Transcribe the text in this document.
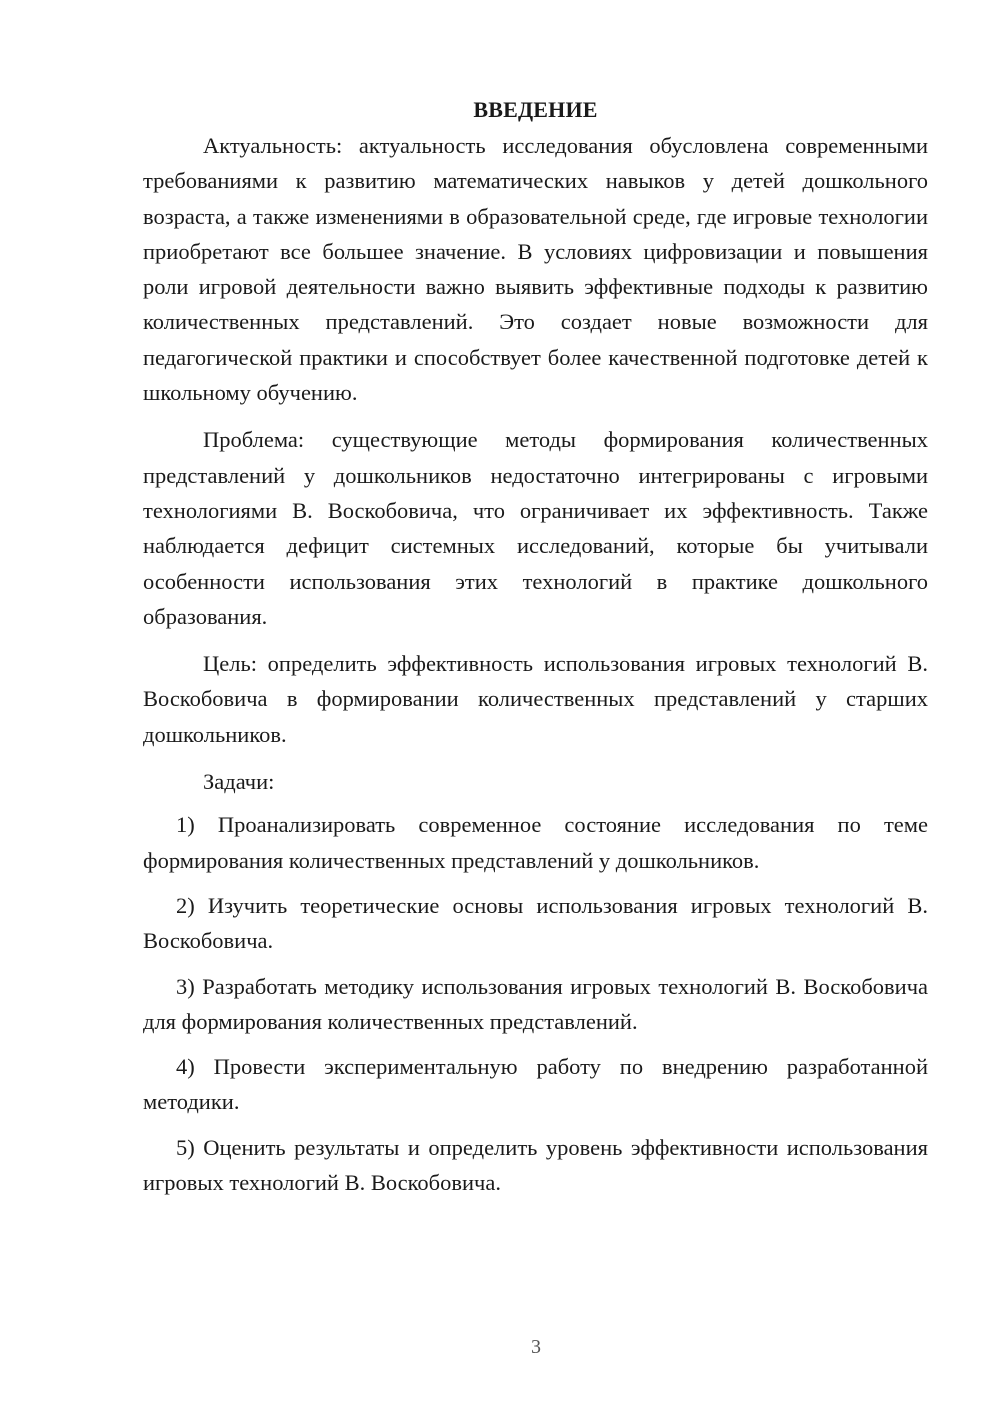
ВВЕДЕНИЕ

Актуальность: актуальность исследования обусловлена современными требованиями к развитию математических навыков у детей дошкольного возраста, а также изменениями в образовательной среде, где игровые технологии приобретают все большее значение. В условиях цифровизации и повышения роли игровой деятельности важно выявить эффективные подходы к развитию количественных представлений. Это создает новые возможности для педагогической практики и способствует более качественной подготовке детей к школьному обучению.

Проблема: существующие методы формирования количественных представлений у дошкольников недостаточно интегрированы с игровыми технологиями В. Воскобовича, что ограничивает их эффективность. Также наблюдается дефицит системных исследований, которые бы учитывали особенности использования этих технологий в практике дошкольного образования.

Цель: определить эффективность использования игровых технологий В. Воскобовича в формировании количественных представлений у старших дошкольников.

Задачи:

1) Проанализировать современное состояние исследования по теме формирования количественных представлений у дошкольников.

2) Изучить теоретические основы использования игровых технологий В. Воскобовича.

3) Разработать методику использования игровых технологий В. Воскобовича для формирования количественных представлений.

4) Провести экспериментальную работу по внедрению разработанной методики.

5) Оценить результаты и определить уровень эффективности использования игровых технологий В. Воскобовича.

3
